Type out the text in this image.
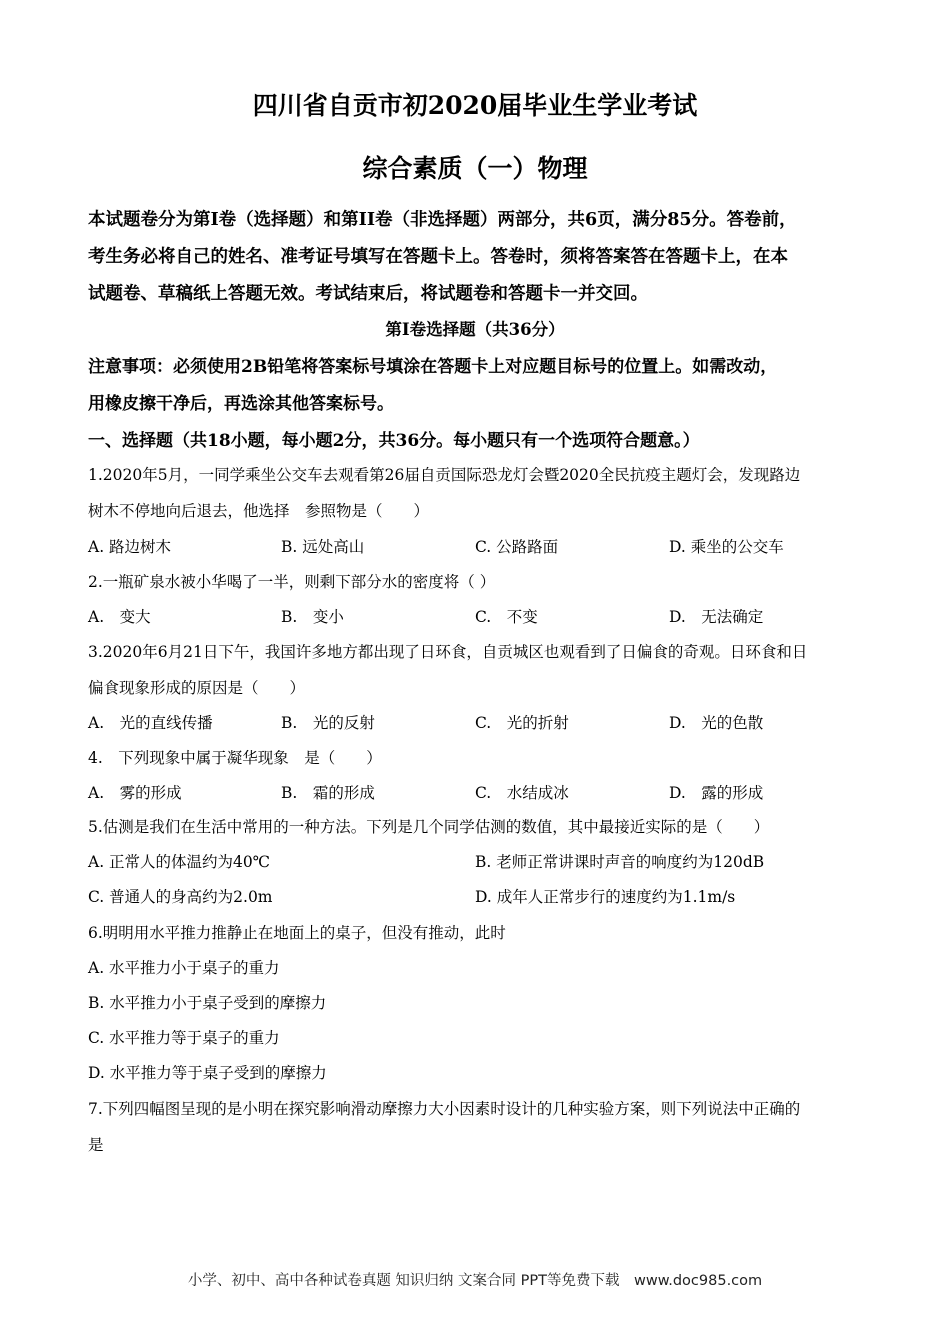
四川省自贡市初2020届毕业生学业考试
综合素质（一）物理
本试题卷分为第I卷（选择题）和第II卷（非选择题）两部分，共6页，满分85分。答卷前，
考生务必将自己的姓名、准考证号填写在答题卡上。答卷时，须将答案答在答题卡上，在本
试题卷、草稿纸上答题无效。考试结束后，将试题卷和答题卡一并交回。
第I卷选择题（共36分）
注意事项：必须使用2B铅笔将答案标号填涂在答题卡上对应题目标号的位置上。如需改动，
用橡皮擦干净后，再选涂其他答案标号。
一、选择题（共18小题，每小题2分，共36分。每小题只有一个选项符合题意。）
1.2020年5月，一同学乘坐公交车去观看第26届自贡国际恐龙灯会暨2020全民抗疫主题灯会，发现路边
树木不停地向后退去，他选择　参照物是（　　）
A. 路边树木	B. 远处高山	C. 公路路面	D. 乘坐的公交车
2.一瓶矿泉水被小华喝了一半，则剩下部分水的密度将（ ）
A.　变大	B.　变小	C.　不变	D.　无法确定
3.2020年6月21日下午，我国许多地方都出现了日环食，自贡城区也观看到了日偏食的奇观。日环食和日
偏食现象形成的原因是（　　）
A.　光的直线传播	B.　光的反射	C.　光的折射	D.　光的色散
4.　下列现象中属于凝华现象　是（　　）
A.　雾的形成	B.　霜的形成	C.　水结成冰	D.　露的形成
5.估测是我们在生活中常用的一种方法。下列是几个同学估测的数值，其中最接近实际的是（　　）
A. 正常人的体温约为40℃	B. 老师正常讲课时声音的响度约为120dB
C. 普通人的身高约为2.0m	D. 成年人正常步行的速度约为1.1m/s
6.明明用水平推力推静止在地面上的桌子，但没有推动，此时
A. 水平推力小于桌子的重力
B. 水平推力小于桌子受到的摩擦力
C. 水平推力等于桌子的重力
D. 水平推力等于桌子受到的摩擦力
7.下列四幅图呈现的是小明在探究影响滑动摩擦力大小因素时设计的几种实验方案，则下列说法中正确的
是
小学、初中、高中各种试卷真题 知识归纳 文案合同 PPT等免费下载　www.doc985.com
